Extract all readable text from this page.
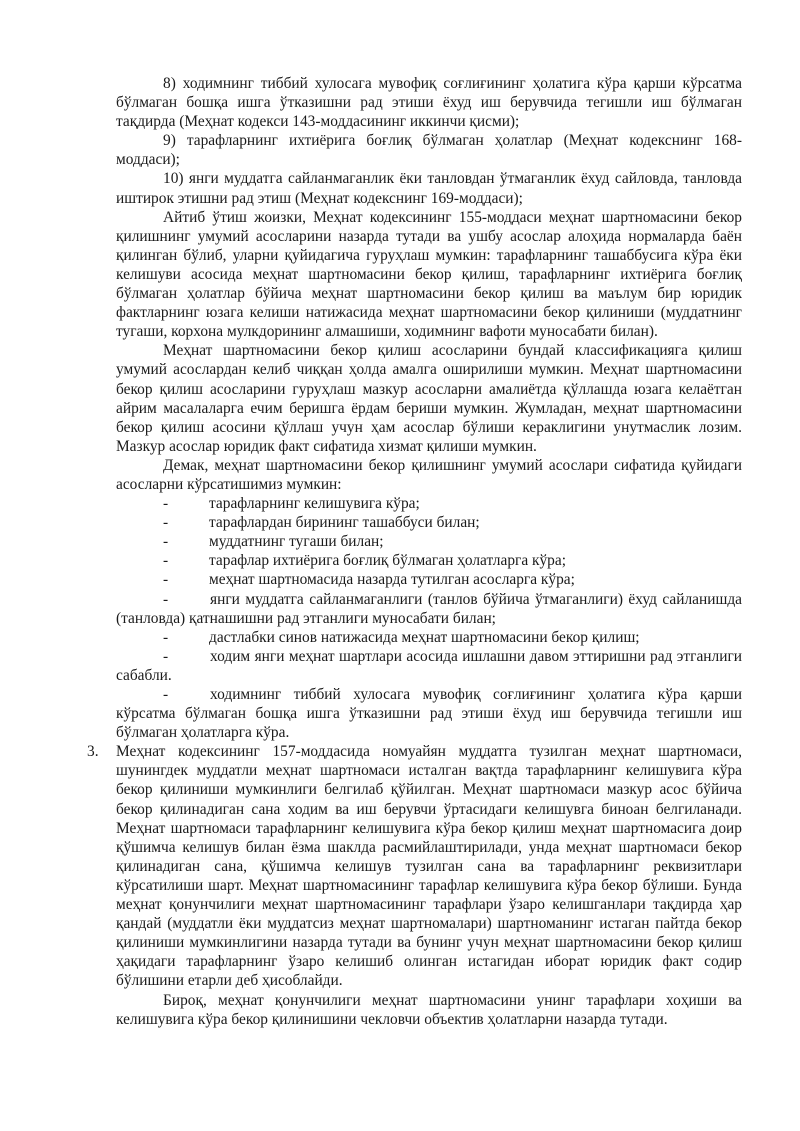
8) ходимнинг тиббий хулосага мувофиқ соғлиғининг ҳолатига кўра қарши кўрсатма бўлмаган бошқа ишга ўтказишни рад этиши ёхуд иш берувчида тегишли иш бўлмаган тақдирда (Меҳнат кодекси 143-моддасининг иккинчи қисми);

9) тарафларнинг ихтиёрига боғлиқ бўлмаган ҳолатлар (Меҳнат кодекснинг 168-моддаси);

10) янги муддатга сайланмаганлик ёки танловдан ўтмаганлик ёхуд сайловда, танловда иштирок этишни рад этиш (Меҳнат кодекснинг 169-моддаси);

Айтиб ўтиш жоизки, Меҳнат кодексининг 155-моддаси меҳнат шартномасини бекор қилишнинг умумий асосларини назарда тутади ва ушбу асослар алоҳида нормаларда баён қилинган бўлиб, уларни қуйидагича гуруҳлаш мумкин: тарафларнинг ташаббусига кўра ёки келишуви асосида меҳнат шартномасини бекор қилиш, тарафларнинг ихтиёрига боғлиқ бўлмаган ҳолатлар бўйича меҳнат шартномасини бекор қилиш ва маълум бир юридик фактларнинг юзага келиши натижасида меҳнат шартномасини бекор қилиниши (муддатнинг тугаши, корхона мулкдорининг алмашиши, ходимнинг вафоти муносабати билан).

Меҳнат шартномасини бекор қилиш асосларини бундай классификацияга қилиш умумий асослардан келиб чиққан ҳолда амалга оширилиши мумкин. Меҳнат шартномасини бекор қилиш асосларини гуруҳлаш мазкур асосларни амалиётда қўллашда юзага келаётган айрим масалаларга ечим беришга ёрдам бериши мумкин. Жумладан, меҳнат шартномасини бекор қилиш асосини қўллаш учун ҳам асослар бўлиши кераклигини унутмаслик лозим. Мазкур асослар юридик факт сифатида хизмат қилиши мумкин.

Демак, меҳнат шартномасини бекор қилишнинг умумий асослари сифатида қуйидаги асосларни кўрсатишимиз мумкин:

-	тарафларнинг келишувига кўра;

-	тарафлардан бирининг ташаббуси билан;

-	муддатнинг тугаши билан;

-	тарафлар ихтиёрига боғлиқ бўлмаган ҳолатларга кўра;

-	меҳнат шартномасида назарда тутилган асосларга кўра;

-	янги муддатга сайланмаганлиги (танлов бўйича ўтмаганлиги) ёхуд сайланишда (танловда) қатнашишни рад этганлиги муносабати билан;

-	дастлабки синов натижасида меҳнат шартномасини бекор қилиш;

-	ходим янги меҳнат шартлари асосида ишлашни давом эттиришни рад этганлиги сабабли.

-	ходимнинг тиббий хулосага мувофиқ соғлиғининг ҳолатига кўра қарши кўрсатма бўлмаган бошқа ишга ўтказишни рад этиши ёхуд иш берувчида тегишли иш бўлмаган ҳолатларга кўра.

3. Меҳнат кодексининг 157-моддасида номуайян муддатга тузилган меҳнат шартномаси, шунингдек муддатли меҳнат шартномаси исталган вақтда тарафларнинг келишувига кўра бекор қилиниши мумкинлиги белгилаб қўйилган. Меҳнат шартномаси мазкур асос бўйича бекор қилинадиган сана ходим ва иш берувчи ўртасидаги келишувга биноан белгиланади. Меҳнат шартномаси тарафларнинг келишувига кўра бекор қилиш меҳнат шартномасига доир қўшимча келишув билан ёзма шаклда расмийлаштирилади, унда меҳнат шартномаси бекор қилинадиган сана, қўшимча келишув тузилган сана ва тарафларнинг реквизитлари кўрсатилиши шарт. Меҳнат шартномасининг тарафлар келишувига кўра бекор бўлиши. Бунда меҳнат қонунчилиги меҳнат шартномасининг тарафлари ўзаро келишганлари тақдирда ҳар қандай (муддатли ёки муддатсиз меҳнат шартномалари) шартноманинг истаган пайтда бекор қилиниши мумкинлигини назарда тутади ва бунинг учун меҳнат шартномасини бекор қилиш ҳақидаги тарафларнинг ўзаро келишиб олинган истагидан иборат юридик факт содир бўлишини етарли деб ҳисоблайди.

Бироқ, меҳнат қонунчилиги меҳнат шартномасини унинг тарафлари хоҳиши ва келишувига кўра бекор қилинишини чекловчи объектив ҳолатларни назарда тутади.
